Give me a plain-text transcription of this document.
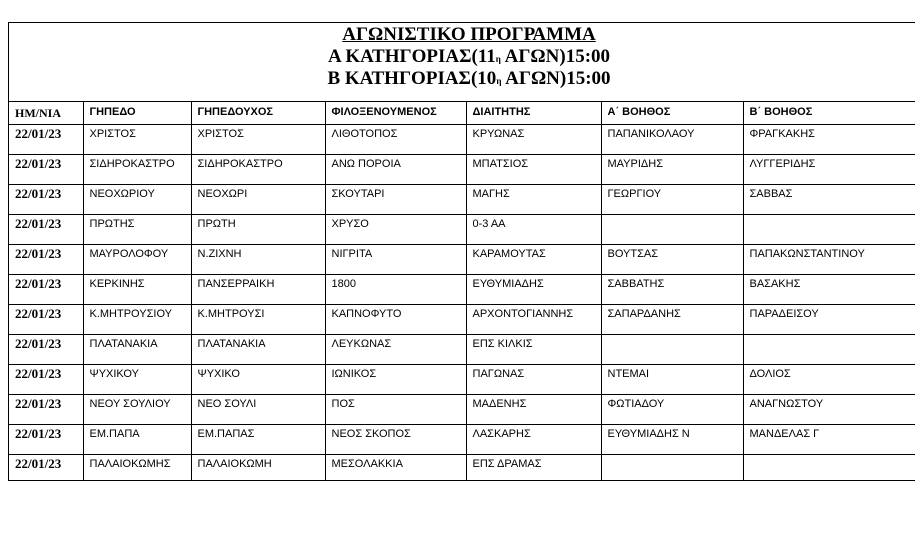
ΑΓΩΝΙΣΤΙΚΟ ΠΡΟΓΡΑΜΜΑ
Α $KATH\Gamma OPIA\Sigma(11^\eta$ ΑΓΩΝ)15:00
Β $KATH\Gamma OPIA\Sigma(10^\eta$ ΑΓΩΝ)15:00
ΗΜ/ΝΙΑ	ΓΗΠΕΔΟ	ΓΗΠΕΔΟΥΧΟΣ	ΦΙΛΟΞΕΝΟΥΜΕΝΟΣ	ΔΙΑΙΤΗΤΗΣ	Α΄ ΒΟΗΘΟΣ	Β΄ ΒΟΗΘΟΣ
22/01/23	ΧΡΙΣΤΟΣ	ΧΡΙΣΤΟΣ	ΛΙΘΟΤΟΠΟΣ	ΚΡΥΩΝΑΣ	ΠΑΠΑΝΙΚΟΛΑΟΥ	ΦΡΑΓΚΑΚΗΣ
22/01/23	ΣΙΔΗΡΟΚΑΣΤΡΟ	ΣΙΔΗΡΟΚΑΣΤΡΟ	ΑΝΩ ΠΟΡΟΙΑ	ΜΠΑΤΣΙΟΣ	ΜΑΥΡΙΔΗΣ	ΛΥΓΓΕΡΙΔΗΣ
22/01/23	ΝΕΟΧΩΡΙΟΥ	ΝΕΟΧΩΡΙ	ΣΚΟΥΤΑΡΙ	ΜΑΓΗΣ	ΓΕΩΡΓΙΟΥ	ΣΑΒΒΑΣ
22/01/23	ΠΡΩΤΗΣ	ΠΡΩΤΗ	ΧΡΥΣΟ	0-3 ΑΑ		
22/01/23	ΜΑΥΡΟΛΟΦΟΥ	Ν.ΖΙΧΝΗ	ΝΙΓΡΙΤΑ	ΚΑΡΑΜΟΥΤΑΣ	ΒΟΥΤΣΑΣ	ΠΑΠΑΚΩΝΣΤΑΝΤΙΝΟΥ
22/01/23	ΚΕΡΚΙΝΗΣ	ΠΑΝΣΕΡΡΑΙΚΗ	1800	ΕΥΘΥΜΙΑΔΗΣ	ΣΑΒΒΑΤΗΣ	ΒΑΣΑΚΗΣ
22/01/23	Κ.ΜΗΤΡΟΥΣΙΟΥ	Κ.ΜΗΤΡΟΥΣΙ	ΚΑΠΝΟΦΥΤΟ	ΑΡΧΟΝΤΟΓΙΑΝΝΗΣ	ΣΑΠΑΡΔΑΝΗΣ	ΠΑΡΑΔΕΙΣΟΥ
22/01/23	ΠΛΑΤΑΝΑΚΙΑ	ΠΛΑΤΑΝΑΚΙΑ	ΛΕΥΚΩΝΑΣ	ΕΠΣ ΚΙΛΚΙΣ		
22/01/23	ΨΥΧΙΚΟΥ	ΨΥΧΙΚΟ	ΙΩΝΙΚΟΣ	ΠΑΓΩΝΑΣ	ΝΤΕΜΑΙ	ΔΟΛΙΟΣ
22/01/23	ΝΕΟΥ ΣΟΥΛΙΟΥ	ΝΕΟ ΣΟΥΛΙ	ΠΟΣ	ΜΑΔΕΝΗΣ	ΦΩΤΙΑΔΟΥ	ΑΝΑΓΝΩΣΤΟΥ
22/01/23	ΕΜ.ΠΑΠΑ	ΕΜ.ΠΑΠΑΣ	ΝΕΟΣ ΣΚΟΠΟΣ	ΛΑΣΚΑΡΗΣ	ΕΥΘΥΜΙΑΔΗΣ Ν	ΜΑΝΔΕΛΑΣ Γ
22/01/23	ΠΑΛΑΙΟΚΩΜΗΣ	ΠΑΛΑΙΟΚΩΜΗ	ΜΕΣΟΛΑΚΚΙΑ	ΕΠΣ ΔΡΑΜΑΣ		
